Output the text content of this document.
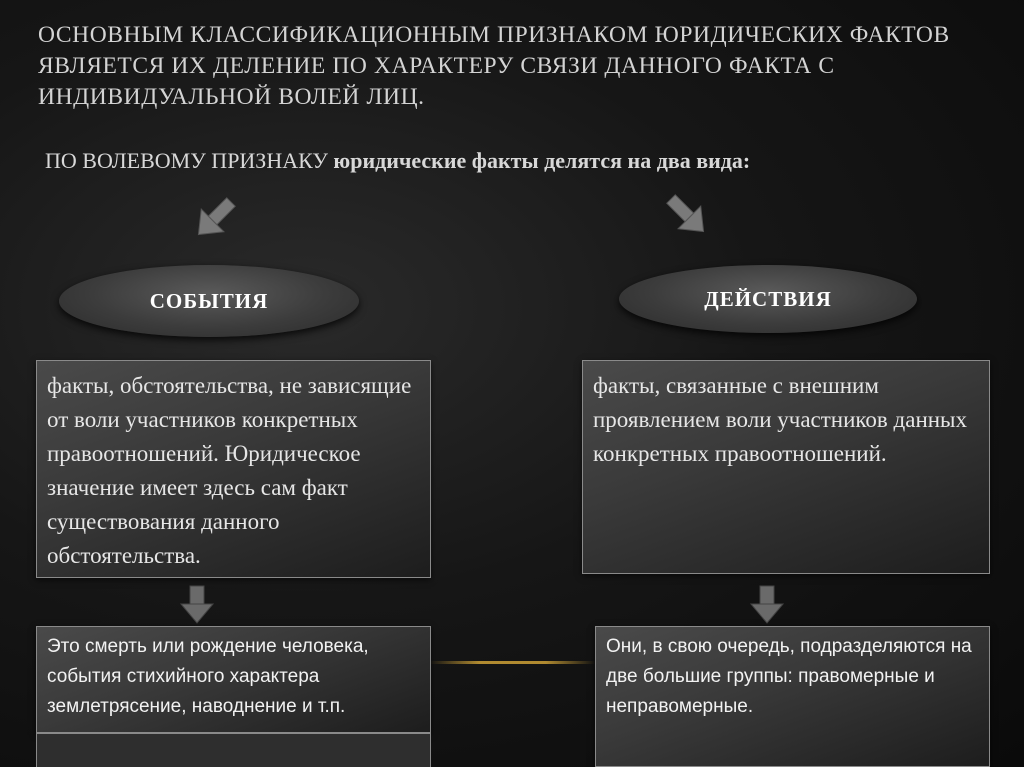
ОСНОВНЫМ КЛАССИФИКАЦИОННЫМ ПРИЗНАКОМ ЮРИДИЧЕСКИХ ФАКТОВ ЯВЛЯЕТСЯ ИХ ДЕЛЕНИЕ ПО ХАРАКТЕРУ СВЯЗИ ДАННОГО ФАКТА С ИНДИВИДУАЛЬНОЙ ВОЛЕЙ ЛИЦ.
ПО ВОЛЕВОМУ ПРИЗНАКУ юридические факты делятся на два вида:
СОБЫТИЯ	ДЕЙСТВИЯ
факты, обстоятельства, не зависящие от воли участников конкретных правоотношений. Юридическое значение имеет здесь сам факт существования данного обстоятельства.
факты, связанные с внешним проявлением воли участников данных конкретных правоотношений.
Это смерть или рождение человека, события стихийного характера землетрясение, наводнение и т.п.
Они, в свою очередь, подразделяются на две большие группы: правомерные и неправомерные.
